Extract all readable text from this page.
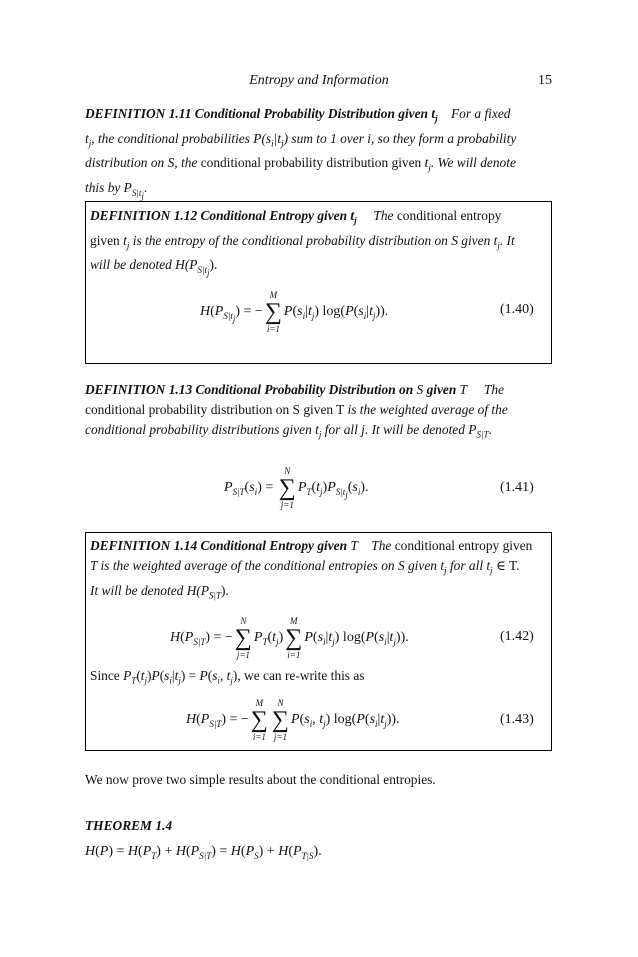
Entropy and Information	15
DEFINITION 1.11 Conditional Probability Distribution given $t_j$ For a fixed
$t_j$, the conditional probabilities $P(s_i|t_j)$ sum to 1 over i, so they form a probability
distribution on S, the conditional probability distribution given $t_j$. We will denote
this by $P_{S|t_j}$.
DEFINITION 1.12 Conditional Entropy given $t_j$ The conditional entropy
given $t_j$ is the entropy of the conditional probability distribution on S given $t_j$. It
will be denoted $H(P_{S|t_j})$.
$H(P_{S|t_j})$ = −
M
∑
i=1
$P(s_i|t_j)$ $\log(P(s_i|t_j))$.	(1.40)
DEFINITION 1.13 Conditional Probability Distribution on S given T The
conditional probability distribution on S given T is the weighted average of the
conditional probability distributions given $t_j$ for all j. It will be denoted $P_{S|T}$.
$P_{S|T}(s_i)$ =
N
∑
j=1
$P_T(t_j)P_{S|t_j}(s_i)$.	(1.41)
DEFINITION 1.14 Conditional Entropy given T The conditional entropy given
T is the weighted average of the conditional entropies on S given $t_j$ for all $t_j$ ∈ T.
It will be denoted $H(P_{S|T})$.
$H(P_{S|T})$ = −
N
∑
j=1
$P_T(t_j)$
M
∑
i=1
$P(s_i|t_j)$ $\log(P(s_i|t_j))$.	(1.42)
Since $P_T(t_j)P(s_i|t_j) = P(s_i$, $t_j$), we can re-write this as
$H(P_{S|T})$ = −
M
∑
i=1
N
∑
j=1
$P(s_i$, $t_j$) $\log(P(s_i|t_j))$.	(1.43)
We now prove two simple results about the conditional entropies.
THEOREM 1.4
$H(P) = H(P_T) + H(P_{S|T}) = H(P_S) + H(P_{T|S})$.
